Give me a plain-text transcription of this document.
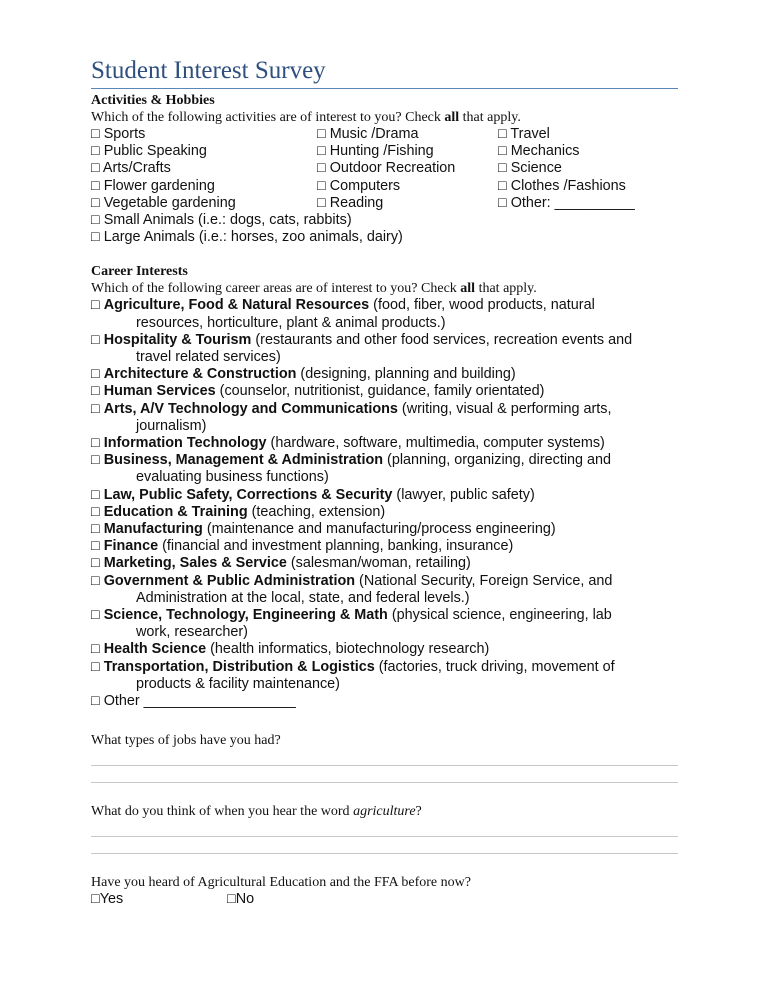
Student Interest Survey
Activities & Hobbies
Which of the following activities are of interest to you? Check all that apply.
□ Sports	□ Music /Drama	□ Travel
□ Public Speaking	□ Hunting /Fishing	□ Mechanics
□ Arts/Crafts	□ Outdoor Recreation	□ Science
□ Flower gardening	□ Computers	□ Clothes /Fashions
□ Vegetable gardening	□ Reading	□ Other: __________
□ Small Animals (i.e.: dogs, cats, rabbits)
□ Large Animals (i.e.: horses, zoo animals, dairy)
Career Interests
Which of the following career areas are of interest to you? Check all that apply.
□ Agriculture, Food & Natural Resources (food, fiber, wood products, natural
resources, horticulture, plant & animal products.)
□ Hospitality & Tourism (restaurants and other food services, recreation events and
travel related services)
□ Architecture & Construction (designing, planning and building)
□ Human Services (counselor, nutritionist, guidance, family orientated)
□ Arts, A/V Technology and Communications (writing, visual & performing arts,
journalism)
□ Information Technology (hardware, software, multimedia, computer systems)
□ Business, Management & Administration (planning, organizing, directing and
evaluating business functions)
□ Law, Public Safety, Corrections & Security (lawyer, public safety)
□ Education & Training (teaching, extension)
□ Manufacturing (maintenance and manufacturing/process engineering)
□ Finance (financial and investment planning, banking, insurance)
□ Marketing, Sales & Service (salesman/woman, retailing)
□ Government & Public Administration (National Security, Foreign Service, and
Administration at the local, state, and federal levels.)
□ Science, Technology, Engineering & Math (physical science, engineering, lab
work, researcher)
□ Health Science (health informatics, biotechnology research)
□ Transportation, Distribution & Logistics (factories, truck driving, movement of
products & facility maintenance)
□ Other ___________________
What types of jobs have you had?
What do you think of when you hear the word agriculture?
Have you heard of Agricultural Education and the FFA before now?
□Yes	□No
